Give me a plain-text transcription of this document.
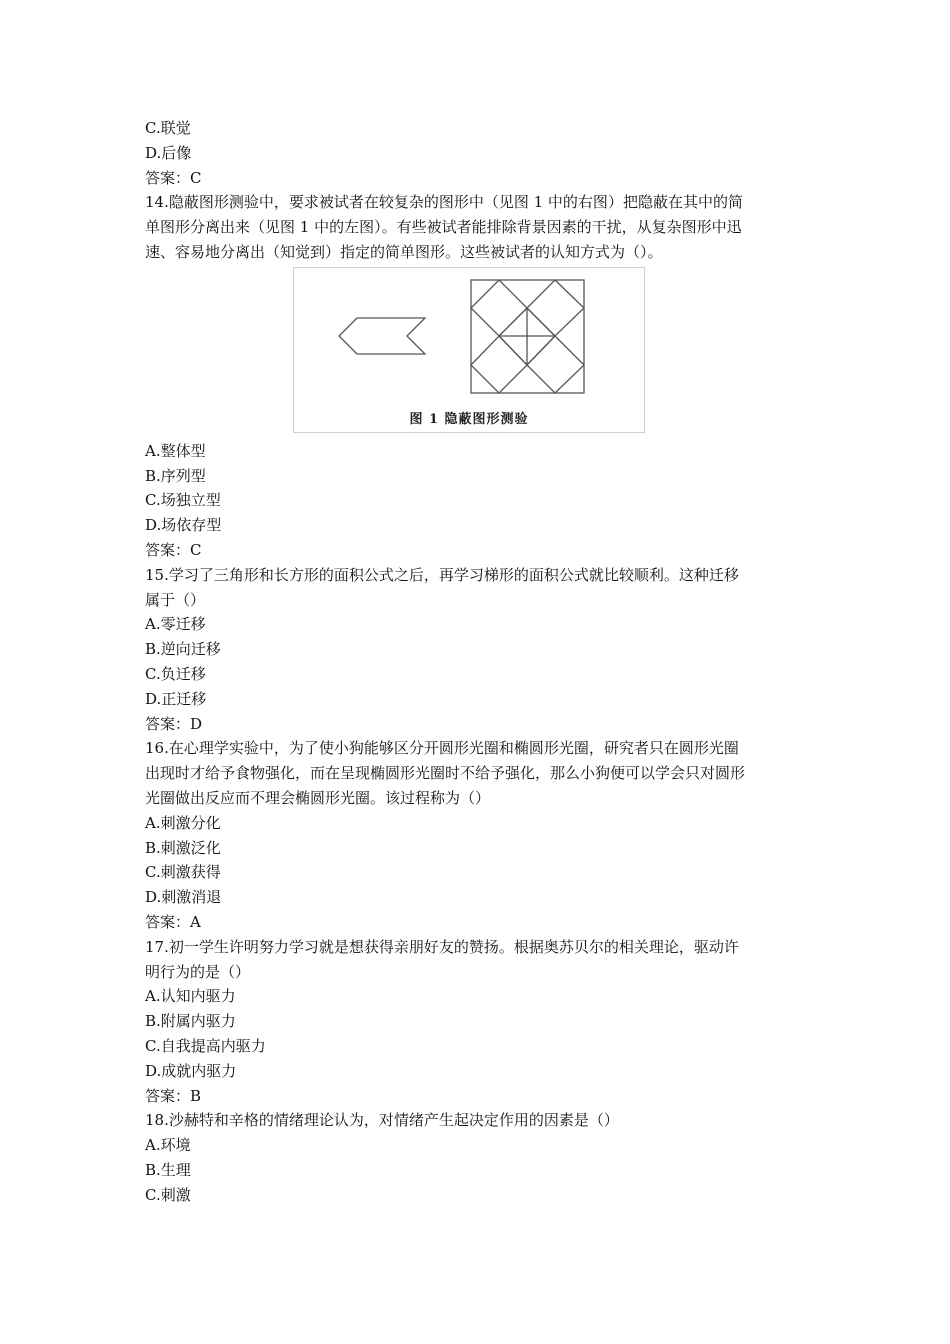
C.联觉
D.后像
答案：C
14.隐蔽图形测验中，要求被试者在较复杂的图形中（见图 1 中的右图）把隐蔽在其中的简
单图形分离出来（见图 1 中的左图）。有些被试者能排除背景因素的干扰，从复杂图形中迅
速、容易地分离出（知觉到）指定的简单图形。这些被试者的认知方式为（）。
图 1 隐蔽图形测验
A.整体型
B.序列型
C.场独立型
D.场依存型
答案：C
15.学习了三角形和长方形的面积公式之后，再学习梯形的面积公式就比较顺利。这种迁移
属于（）
A.零迁移
B.逆向迁移
C.负迁移
D.正迁移
答案：D
16.在心理学实验中，为了使小狗能够区分开圆形光圈和椭圆形光圈，研究者只在圆形光圈
出现时才给予食物强化，而在呈现椭圆形光圈时不给予强化，那么小狗便可以学会只对圆形
光圈做出反应而不理会椭圆形光圈。该过程称为（）
A.刺激分化
B.刺激泛化
C.刺激获得
D.刺激消退
答案：A
17.初一学生许明努力学习就是想获得亲朋好友的赞扬。根据奥苏贝尔的相关理论，驱动许
明行为的是（）
A.认知内驱力
B.附属内驱力
C.自我提高内驱力
D.成就内驱力
答案：B
18.沙赫特和辛格的情绪理论认为，对情绪产生起决定作用的因素是（）
A.环境
B.生理
C.刺激
